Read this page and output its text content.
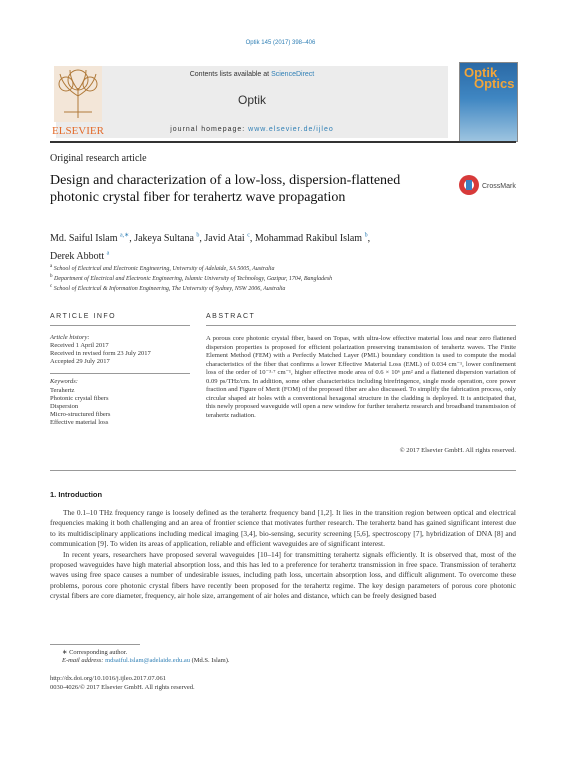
Optik 145 (2017) 398–406
ELSEVIER
Contents lists available at ScienceDirect
Optik
journal homepage: www.elsevier.de/ijleo
Optik
Optics
Original research article
Design and characterization of a low-loss, dispersion-flattened photonic crystal fiber for terahertz wave propagation
CrossMark
Md. Saiful Islam $^{a,∗}$, Jakeya Sultana $^b$, Javid Atai $^c$, Mohammad Rakibul Islam $^b$,
Derek Abbott $^a$
$^a$ School of Electrical and Electronic Engineering, University of Adelaide, SA 5005, Australia
$^b$ Department of Electrical and Electronic Engineering, Islamic University of Technology, Gazipur, 1704, Bangladesh
$^c$ School of Electrical & Information Engineering, The University of Sydney, NSW 2006, Australia
ARTICLE INFO
Article history:
Received 1 April 2017
Received in revised form 23 July 2017
Accepted 29 July 2017
Keywords:
Terahertz
Photonic crystal fibers
Dispersion
Micro-structured fibers
Effective material loss
ABSTRACT
A porous core photonic crystal fiber, based on Topas, with ultra-low effective material loss and near zero flattened dispersion properties is proposed for efficient polarization preserving transmission of terahertz waves. The Finite Element Method (FEM) with a Perfectly Matched Layer (PML) boundary condition is used to compute the modal characteristics of the fiber that confirms a lower Effective Material Loss (EML) of 0.034 cm⁻¹, lower confinement loss of the order of 10⁻³·⁷ cm⁻¹, higher effective mode area of 0.6 × 10⁶ μm² and a flattened dispersion variation of 0.09 ps/THz/cm. In addition, some other characteristics including birefringence, single mode operation, core power fraction and Figure of Merit (FOM) of the proposed fiber are also discussed. To simplify the fabrication process, only circular shaped air holes with a conventional hexagonal structure in the cladding is deployed. It is anticipated that, this newly proposed waveguide will open a new window for further terahertz research and broadband transmission of terahertz radiation.
© 2017 Elsevier GmbH. All rights reserved.
1. Introduction

The 0.1–10 THz frequency range is loosely defined as the terahertz frequency band [1,2]. It lies in the transition region between optical and electrical frequencies making it both challenging and an area of frontier science that motivates further research. The terahertz band has gained significant interest due to its multidisciplinary applications including medical imaging [3,4], bio-sensing, security screening [5,6], spectroscopy [7], hybridization of DNA [8] and communication [9]. To widen its areas of application, reliable and efficient waveguides are of significant interest.

In recent years, researchers have proposed several waveguides [10–14] for transmitting terahertz signals efficiently. It is observed that, most of the proposed waveguides have high material absorption loss, and this has led to a preference for terahertz transmission in free space. Transmission of terahertz waves using free space causes a number of undesirable issues, including path loss, uncertain absorption loss, and difficult alignment. To overcome these problems, porous core photonic crystal fibers have recently been proposed for the terahertz regime. The key design parameters of porous core photonic crystal fibers are core diameter, frequency, air hole size, arrangement of air holes and distance, which can be freely designed based

∗ Corresponding author.
E-mail address: mdsaiful.islam@adelaide.edu.au (Md.S. Islam).
http://dx.doi.org/10.1016/j.ijleo.2017.07.061
0030-4026/© 2017 Elsevier GmbH. All rights reserved.
